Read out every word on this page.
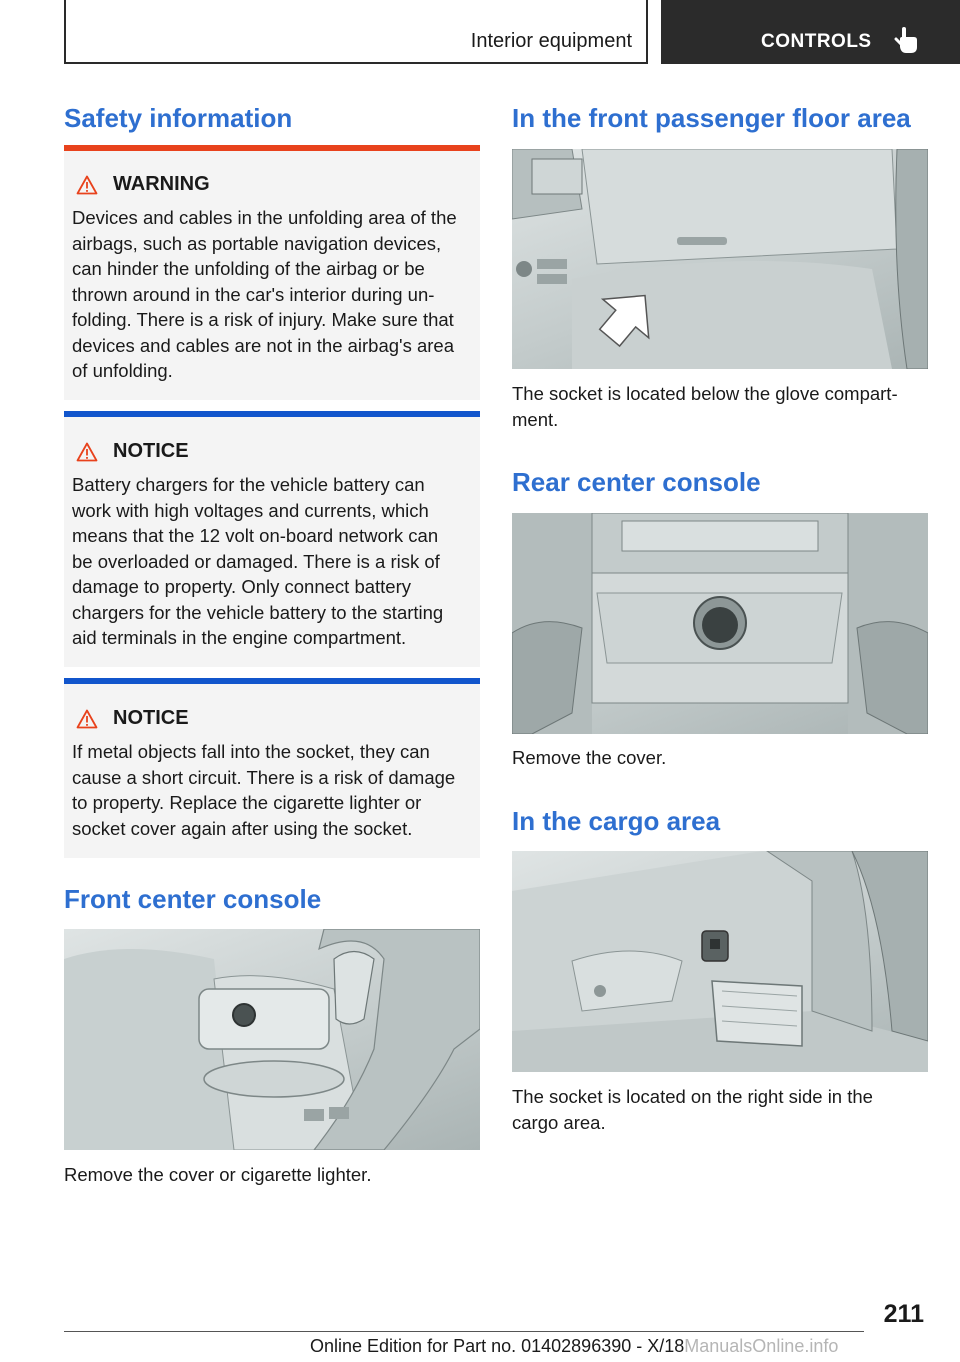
Interior equipment	CONTROLS
Safety information
WARNING
Devices and cables in the unfolding area of the
airbags, such as portable navigation devices,
can hinder the unfolding of the airbag or be
thrown around in the car's interior during un‐
folding. There is a risk of injury. Make sure that
devices and cables are not in the airbag's area
of unfolding.
NOTICE
Battery chargers for the vehicle battery can
work with high voltages and currents, which
means that the 12 volt on-board network can
be overloaded or damaged. There is a risk of
damage to property. Only connect battery
chargers for the vehicle battery to the starting
aid terminals in the engine compartment.
NOTICE
If metal objects fall into the socket, they can
cause a short circuit. There is a risk of damage
to property. Replace the cigarette lighter or
socket cover again after using the socket.
Front center console
Remove the cover or cigarette lighter.
In the front passenger floor area
The socket is located below the glove compart‐
ment.
Rear center console
Remove the cover.
In the cargo area
The socket is located on the right side in the
cargo area.
211
Online Edition for Part no. 01402896390 - X/18ManualsOnline.info
